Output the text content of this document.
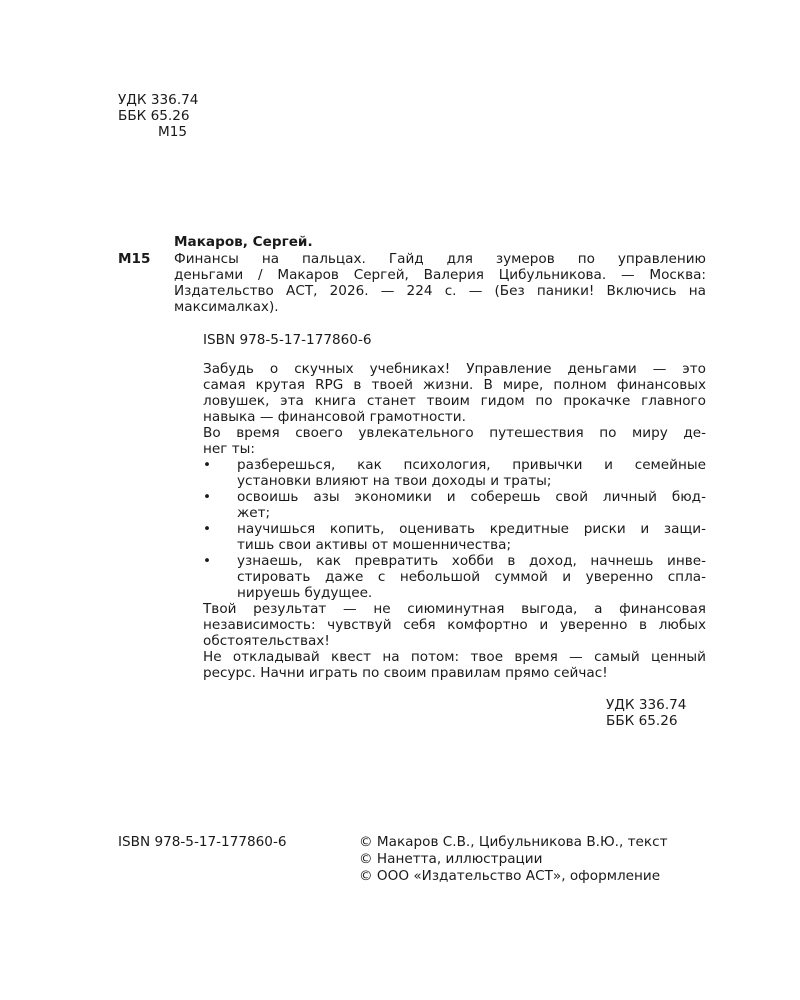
УДК 336.74
ББК 65.26
М15
Макаров, Сергей.
М15 Финансы на пальцах. Гайд для зумеров по управлению
деньгами / Макаров Сергей, Валерия Цибульникова. — Москва:
Издательство АСТ, 2026. — 224 с. — (Без паники! Включись на
максималках).
ISBN 978-5-17-177860-6
Забудь о скучных учебниках! Управление деньгами — это
самая крутая RPG в твоей жизни. В мире, полном финансовых
ловушек, эта книга станет твоим гидом по прокачке главного
навыка — финансовой грамотности.
Во время своего увлекательного путешествия по миру де-
нег ты:
• разберешься, как психология, привычки и семейные
установки влияют на твои доходы и траты;
• освоишь азы экономики и соберешь свой личный бюд-
жет;
• научишься копить, оценивать кредитные риски и защи-
тишь свои активы от мошенничества;
• узнаешь, как превратить хобби в доход, начнешь инве-
стировать даже с небольшой суммой и уверенно спла-
нируешь будущее.
Твой результат — не сиюминутная выгода, а финансовая
независимость: чувствуй себя комфортно и уверенно в любых
обстоятельствах!
Не откладывай квест на потом: твое время — самый ценный
ресурс. Начни играть по своим правилам прямо сейчас!
УДК 336.74
ББК 65.26
ISBN 978-5-17-177860-6	© Макаров С.В., Цибульникова В.Ю., текст
© Нанетта, иллюстрации
© ООО «Издательство АСТ», оформление
